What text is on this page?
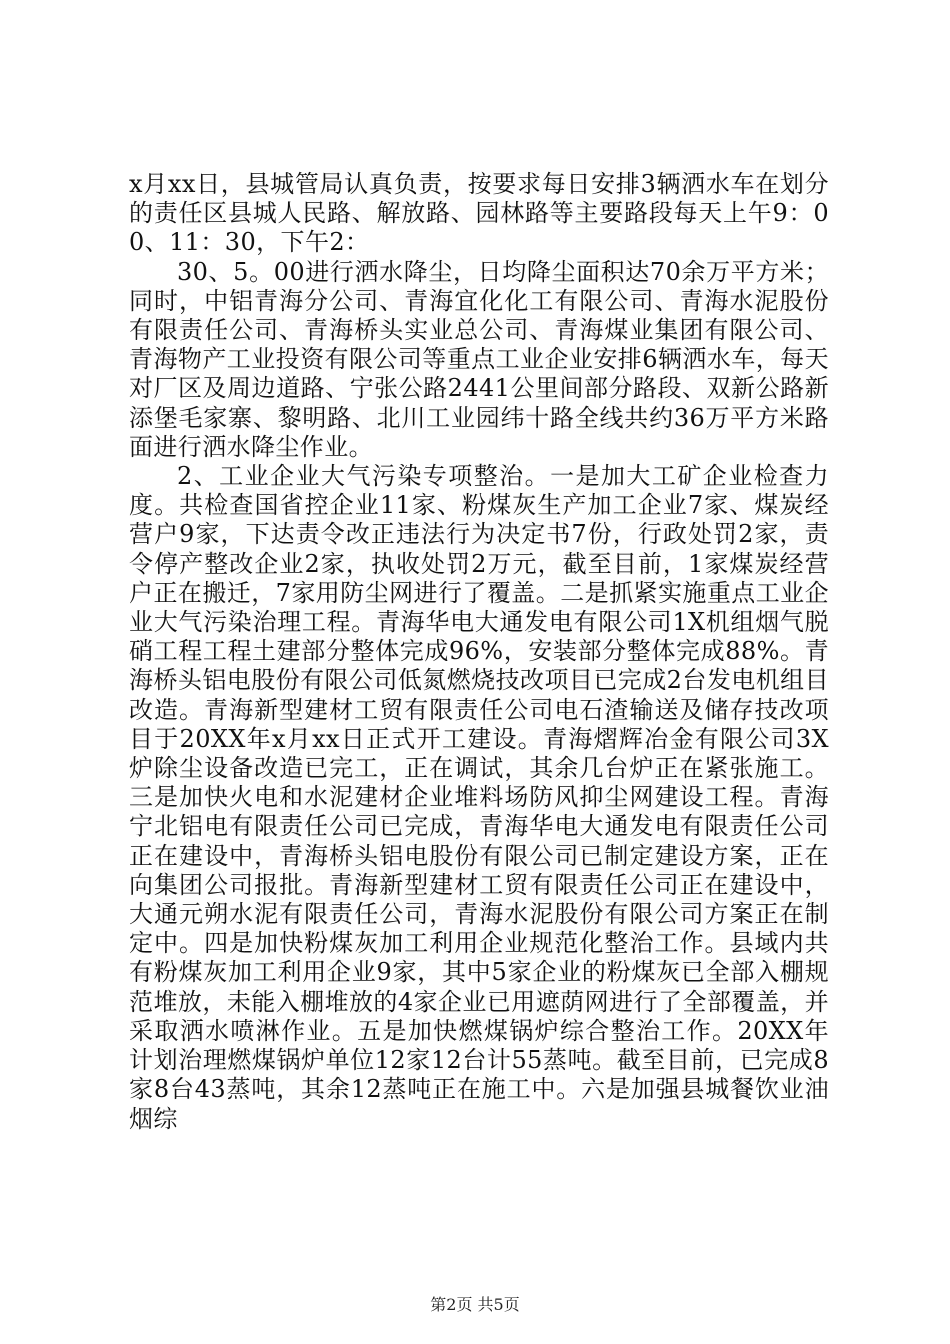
x月xx日，县城管局认真负责，按要求每日安排3辆洒水车在划分的责任区县城人民路、解放路、园林路等主要路段每天上午9：00、11：30，下午2：

30、5。00进行洒水降尘，日均降尘面积达70余万平方米；同时，中铝青海分公司、青海宜化化工有限公司、青海水泥股份有限责任公司、青海桥头实业总公司、青海煤业集团有限公司、青海物产工业投资有限公司等重点工业企业安排6辆洒水车，每天对厂区及周边道路、宁张公路2441公里间部分路段、双新公路新添堡毛家寨、黎明路、北川工业园纬十路全线共约36万平方米路面进行洒水降尘作业。

2、工业企业大气污染专项整治。一是加大工矿企业检查力度。共检查国省控企业11家、粉煤灰生产加工企业7家、煤炭经营户9家，下达责令改正违法行为决定书7份，行政处罚2家，责令停产整改企业2家，执收处罚2万元，截至目前，1家煤炭经营户正在搬迁，7家用防尘网进行了覆盖。二是抓紧实施重点工业企业大气污染治理工程。青海华电大通发电有限公司1X机组烟气脱硝工程工程土建部分整体完成96%，安装部分整体完成88%。青海桥头铝电股份有限公司低氮燃烧技改项目已完成2台发电机组目改造。青海新型建材工贸有限责任公司电石渣输送及储存技改项目于20XX年x月xx日正式开工建设。青海熠辉冶金有限公司3X炉除尘设备改造已完工，正在调试，其余几台炉正在紧张施工。三是加快火电和水泥建材企业堆料场防风抑尘网建设工程。青海宁北铝电有限责任公司已完成，青海华电大通发电有限责任公司正在建设中，青海桥头铝电股份有限公司已制定建设方案，正在向集团公司报批。青海新型建材工贸有限责任公司正在建设中，大通元朔水泥有限责任公司，青海水泥股份有限公司方案正在制定中。四是加快粉煤灰加工利用企业规范化整治工作。县域内共有粉煤灰加工利用企业9家，其中5家企业的粉煤灰已全部入棚规范堆放，未能入棚堆放的4家企业已用遮荫网进行了全部覆盖，并采取洒水喷淋作业。五是加快燃煤锅炉综合整治工作。20XX年计划治理燃煤锅炉单位12家12台计55蒸吨。截至目前，已完成8家8台43蒸吨，其余12蒸吨正在施工中。六是加强县城餐饮业油烟综

第2页 共5页
